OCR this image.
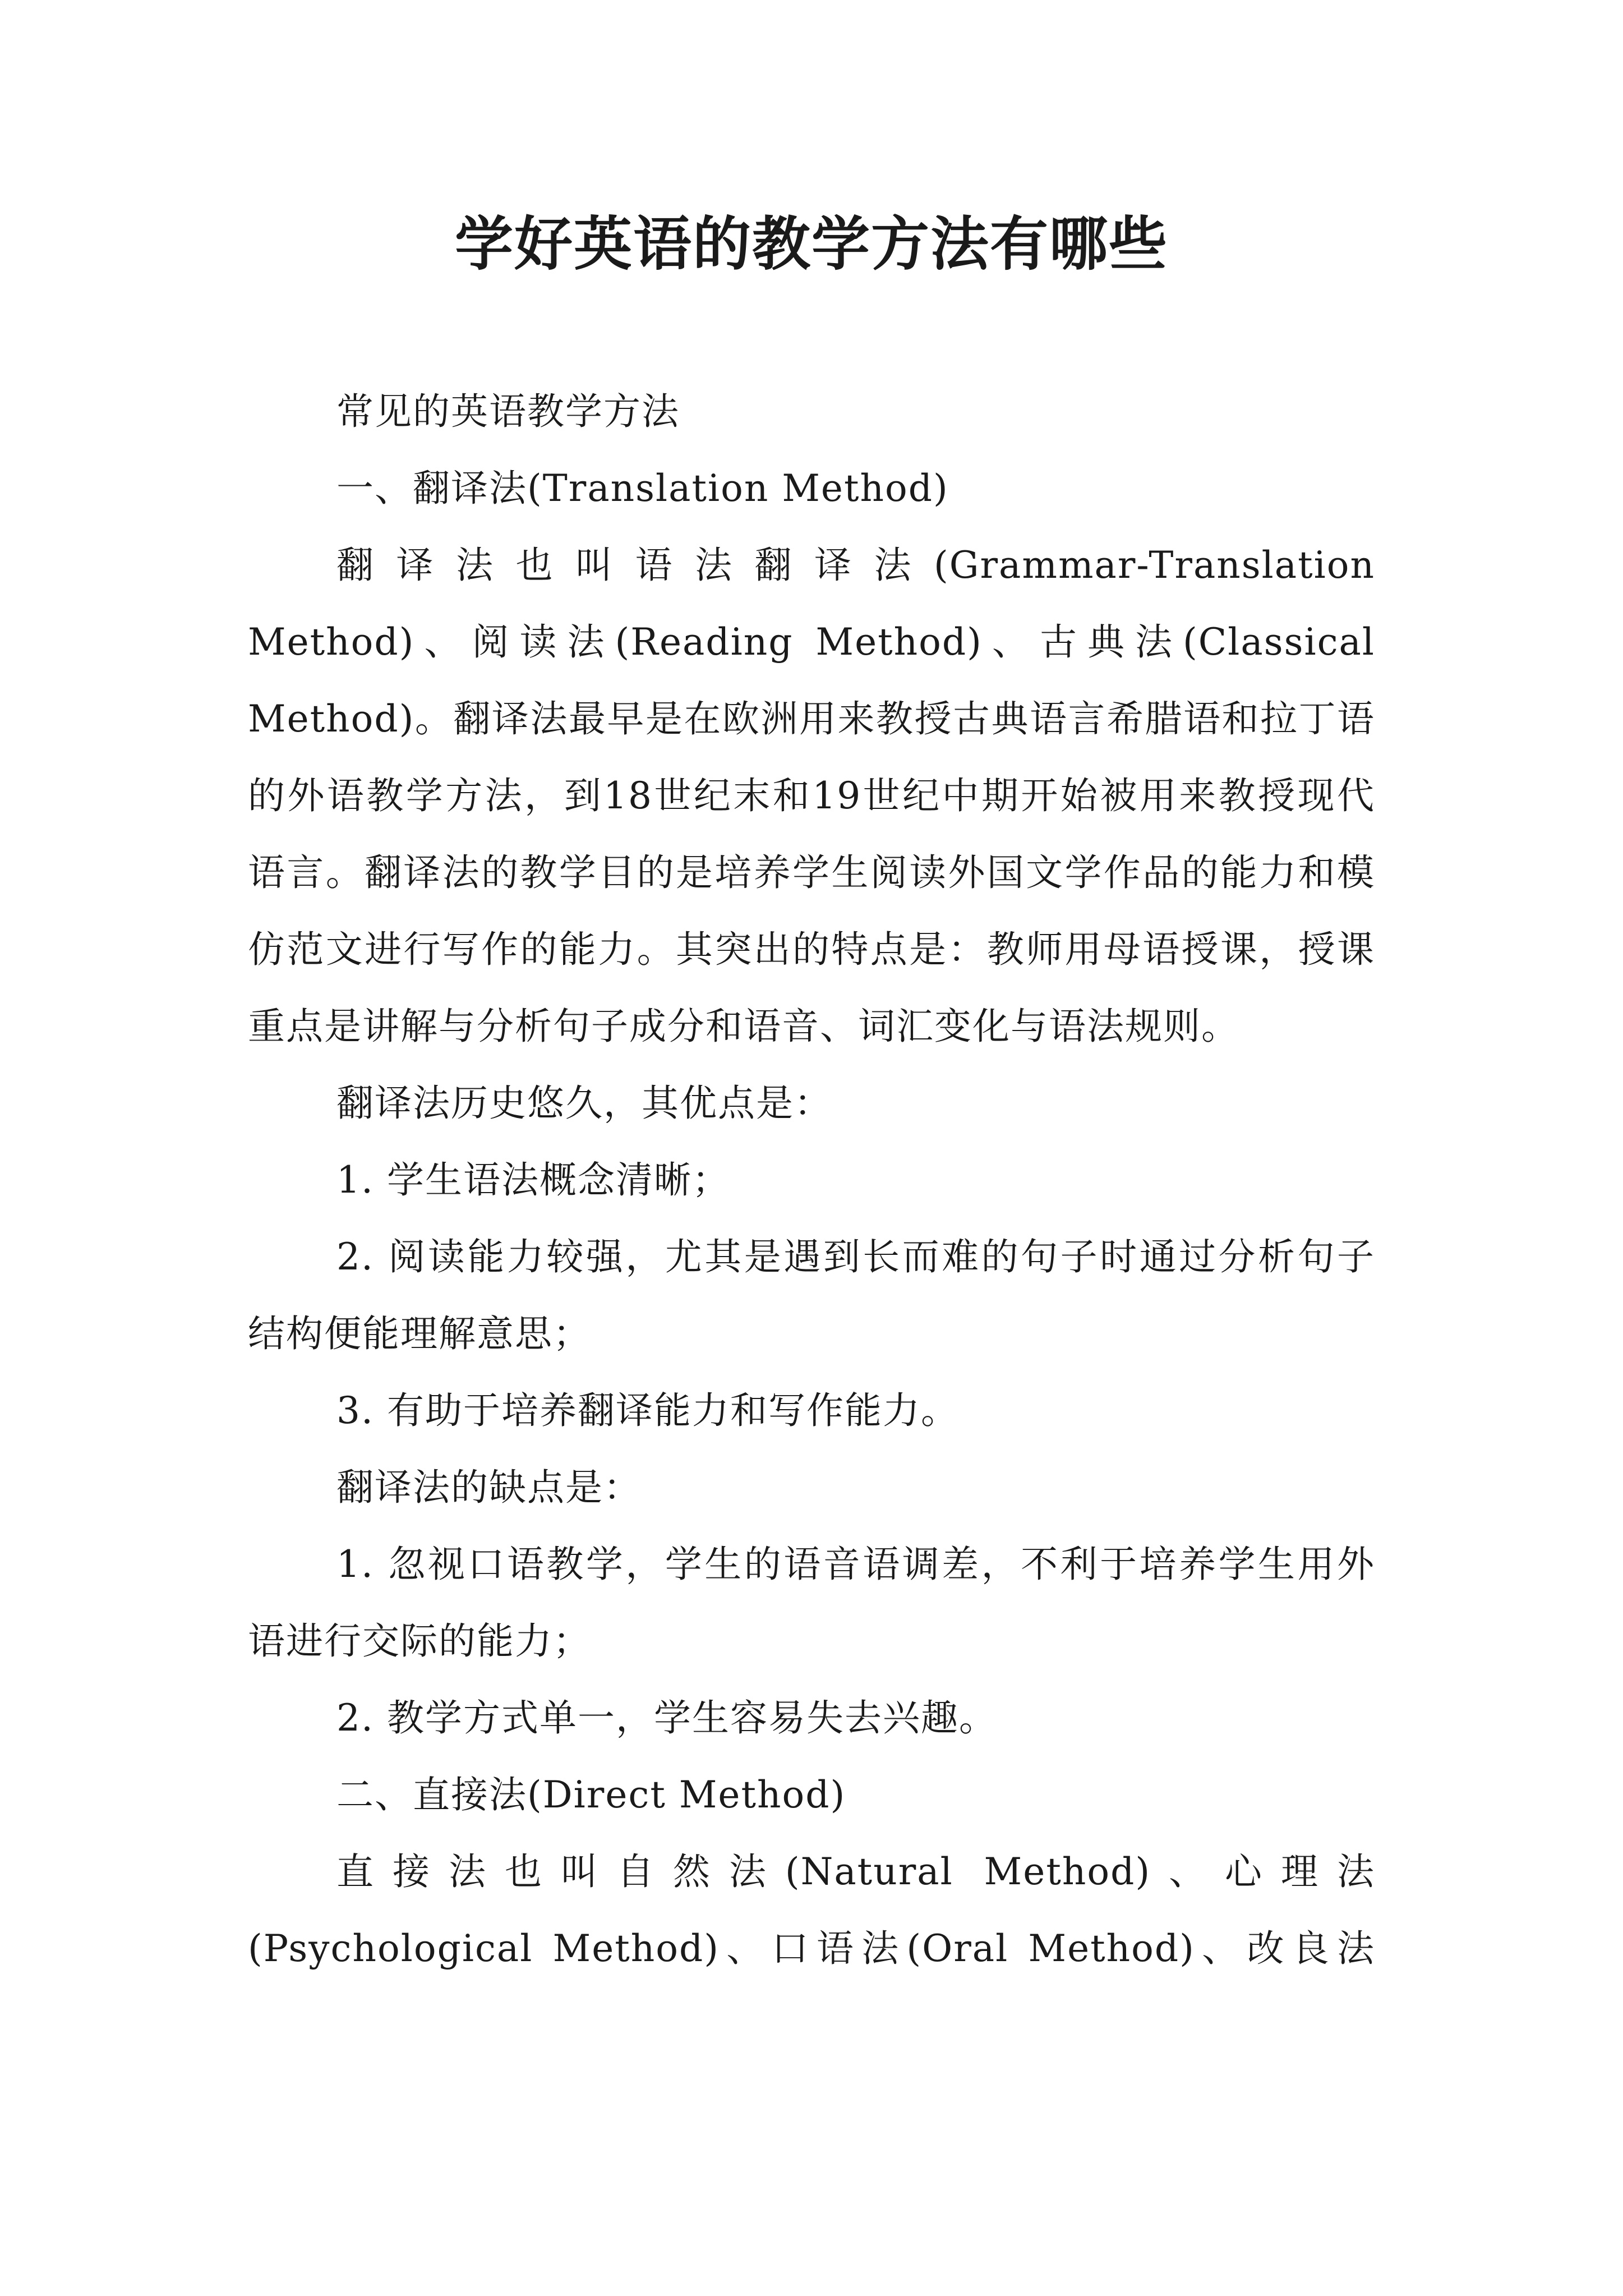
学好英语的教学方法有哪些

常见的英语教学方法

一、翻译法(Translation Method)

翻译法也叫语法翻译法(Grammar-Translation Method)、阅读法(Reading Method)、古典法(Classical Method)。翻译法最早是在欧洲用来教授古典语言希腊语和拉丁语的外语教学方法，到18世纪末和19世纪中期开始被用来教授现代语言。翻译法的教学目的是培养学生阅读外国文学作品的能力和模仿范文进行写作的能力。其突出的特点是：教师用母语授课，授课重点是讲解与分析句子成分和语音、词汇变化与语法规则。

翻译法历史悠久，其优点是：

1. 学生语法概念清晰；

2. 阅读能力较强，尤其是遇到长而难的句子时通过分析句子结构便能理解意思；

3. 有助于培养翻译能力和写作能力。

翻译法的缺点是：

1. 忽视口语教学，学生的语音语调差，不利于培养学生用外语进行交际的能力；

2. 教学方式单一，学生容易失去兴趣。

二、直接法(Direct Method)

直接法也叫自然法(Natural Method)、心理法(Psychological Method)、口语法(Oral Method)、改良法
